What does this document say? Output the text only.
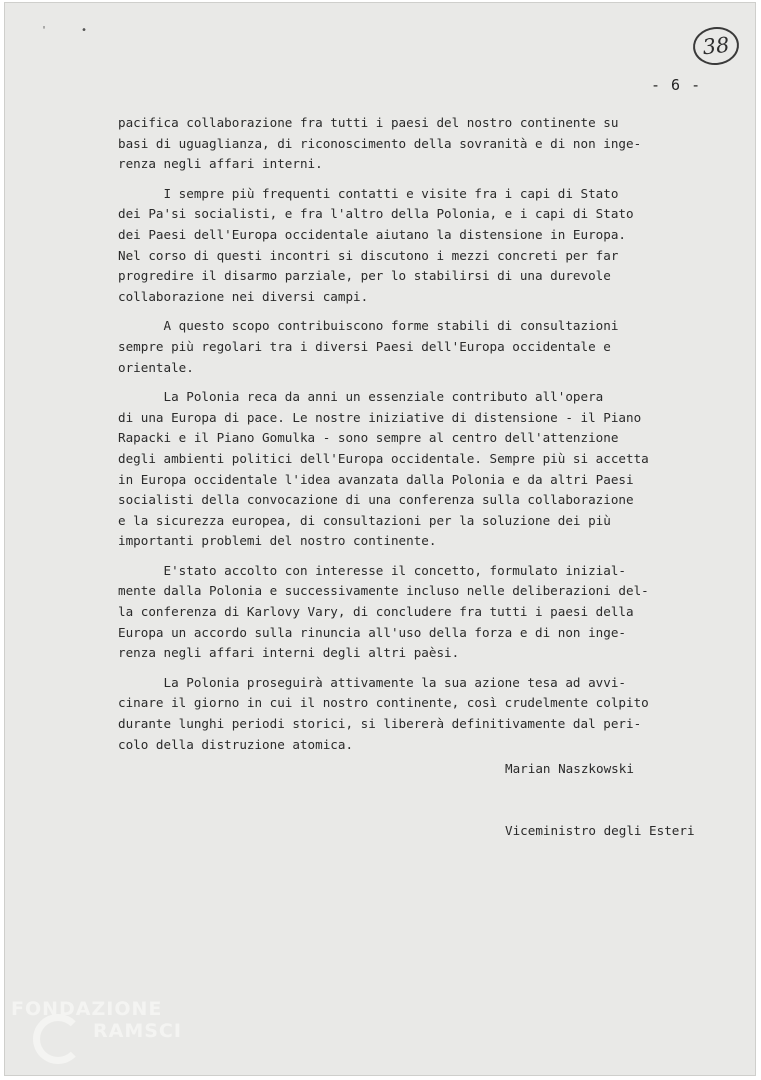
'	•
38
- 6 -
pacifica collaborazione fra tutti i paesi del nostro continente su
basi di uguaglianza, di riconoscimento della sovranità e di non inge-
renza negli affari interni.
I sempre più frequenti contatti e visite fra i capi di Stato
dei Pa'si socialisti, e fra l'altro della Polonia, e i capi di Stato
dei Paesi dell'Europa occidentale aiutano la distensione in Europa.
Nel corso di questi incontri si discutono i mezzi concreti per far
progredire il disarmo parziale, per lo stabilirsi di una durevole
collaborazione nei diversi campi.
A questo scopo contribuiscono forme stabili di consultazioni
sempre più regolari tra i diversi Paesi dell'Europa occidentale e
orientale.
La Polonia reca da anni un essenziale contributo all'opera
di una Europa di pace. Le nostre iniziative di distensione - il Piano
Rapacki e il Piano Gomulka - sono sempre al centro dell'attenzione
degli ambienti politici dell'Europa occidentale. Sempre più si accetta
in Europa occidentale l'idea avanzata dalla Polonia e da altri Paesi
socialisti della convocazione di una conferenza sulla collaborazione
e la sicurezza europea, di consultazioni per la soluzione dei più
importanti problemi del nostro continente.
E'stato accolto con interesse il concetto, formulato inizial-
mente dalla Polonia e successivamente incluso nelle deliberazioni del-
la conferenza di Karlovy Vary, di concludere fra tutti i paesi della
Europa un accordo sulla rinuncia all'uso della forza e di non inge-
renza negli affari interni degli altri paèsi.
La Polonia proseguirà attivamente la sua azione tesa ad avvi-
cinare il giorno in cui il nostro continente, così crudelmente colpito
durante lunghi periodi storici, si libererà definitivamente dal peri-
colo della distruzione atomica.

Marian Naszkowski

Viceministro degli Esteri

FONDAZIONE
RAMSCI
